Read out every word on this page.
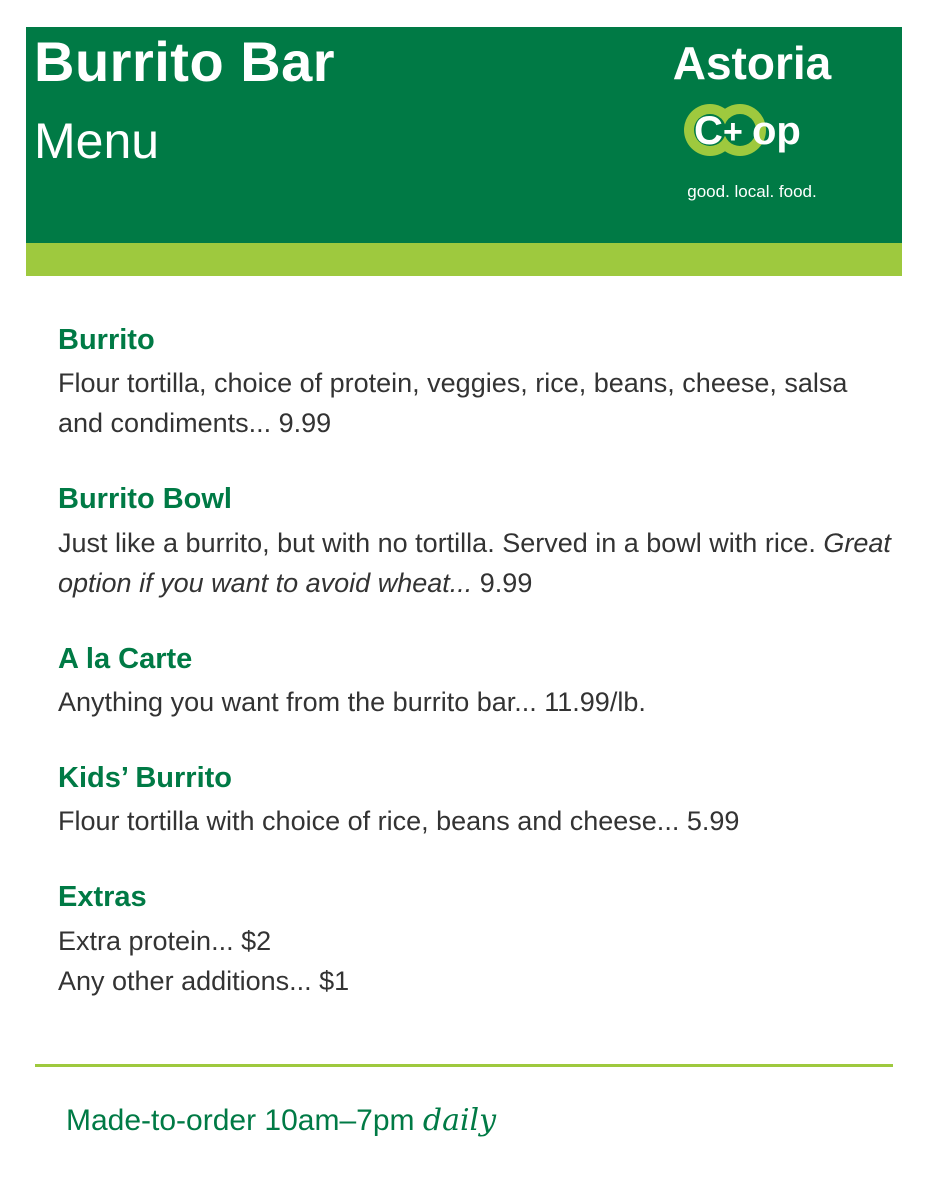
Burrito Bar
Menu
Astoria
C + op
good. local. food.
Burrito

Flour tortilla, choice of protein, veggies, rice, beans, cheese, salsa and condiments... 9.99

Burrito Bowl

Just like a burrito, but with no tortilla. Served in a bowl with rice. Great option if you want to avoid wheat... 9.99

A la Carte

Anything you want from the burrito bar... 11.99/lb.

Kids’ Burrito

Flour tortilla with choice of rice, beans and cheese... 5.99

Extras

Extra protein... $2
Any other additions... $1

Made-to-order 10am–7pm daily
